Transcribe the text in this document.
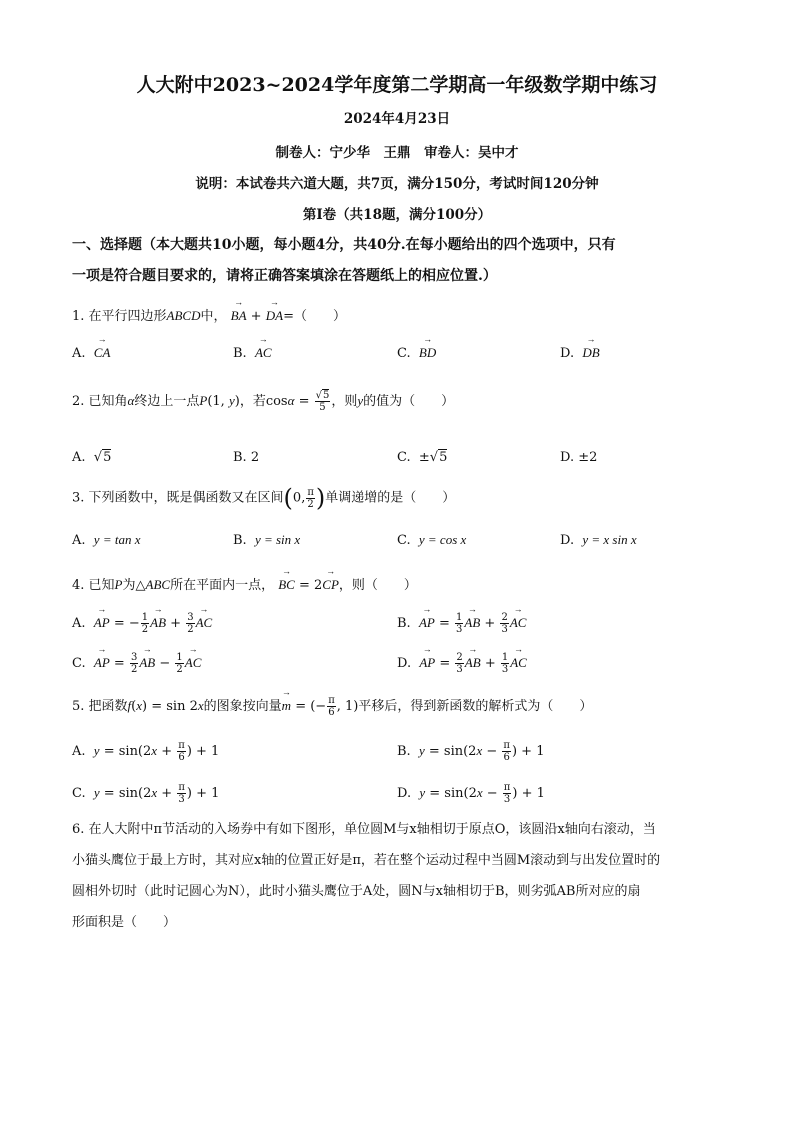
人大附中2023~2024学年度第二学期高一年级数学期中练习
2024年4月23日
制卷人：宁少华　王鼎　审卷人：吴中才
说明：本试卷共六道大题，共7页，满分150分，考试时间120分钟
第Ⅰ卷（共18题，满分100分）
一、选择题（本大题共10小题，每小题4分，共40分.在每小题给出的四个选项中，只有
一项是符合题目要求的，请将正确答案填涂在答题纸上的相应位置.）
1. 在平行四边形ABCD中， → BA + → DA=（　　）
A. → CA	B. → AC	C. → BD	D. → DB
2. 已知角α终边上一点P(1, y)，若$\cos\alpha = \frac{√5}{5}$ ，则y的值为（　　）
A.  √5	B. 2	C.  ±√5	D. ±2
3. 下列函数中，既是偶函数又在区间(0, $\frac{\pi}{2}$ )单调递增的是（　　）
A. y = tan x	B. y = sin x	C. y = cos x	D. y = x sin x
4. 已知P为△ABC所在平面内一点， → BC = 2→ CP，则（　　）
A. → AP = − $\frac{1}{2}$ → AB + $\frac{3}{2}$ → AC	B. → AP = $\frac{1}{3}$ → AB + $\frac{2}{3}$ → AC
C. → AP = $\frac{3}{2}$ → AB − $\frac{1}{2}$ → AC	D. → AP = $\frac{2}{3}$ → AB + $\frac{1}{3}$ → AC
5. 把函数f(x) = sin 2x的图象按向量→ m = (− $\frac{\pi}{6}$ , 1)平移后，得到新函数的解析式为（　　）
A. $y = \sin(2x + \frac{\pi}{6}$ ) + 1	B. $y = \sin(2x - \frac{\pi}{6}$ ) + 1
C. $y = \sin(2x + \frac{\pi}{3}$ ) + 1	D. $y = \sin(2x - \frac{\pi}{3}$ ) + 1
6. 在人大附中π节活动的入场券中有如下图形，单位圆M与x轴相切于原点O，该圆沿x轴向右滚动，当
小猫头鹰位于最上方时，其对应x轴的位置正好是π，若在整个运动过程中当圆M滚动到与出发位置时的
圆相外切时（此时记圆心为N），此时小猫头鹰位于A处，圆N与x轴相切于B，则劣弧AB所对应的扇
形面积是（　　）
